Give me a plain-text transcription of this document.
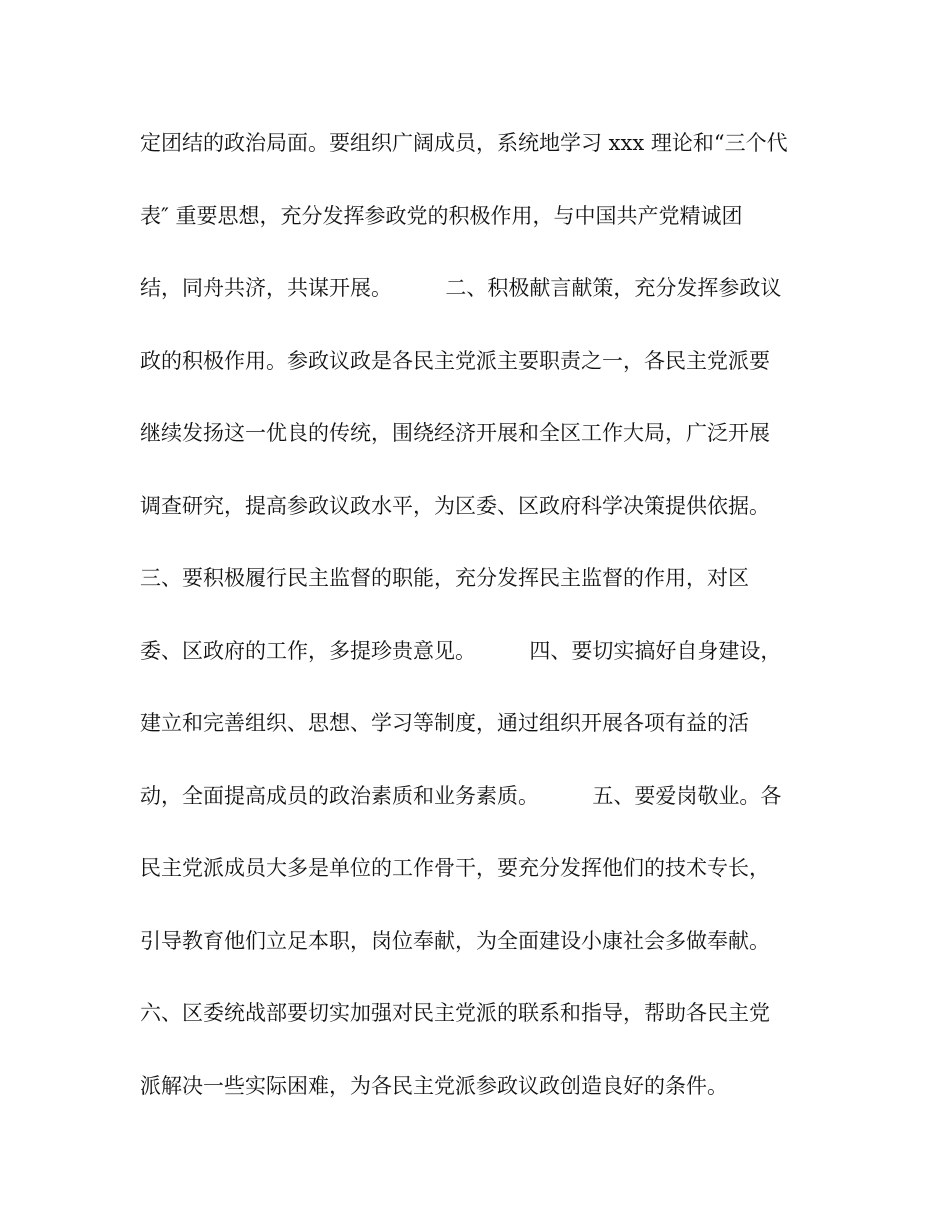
定团结的政治局面。要组织广阔成员，系统地学习 xxx 理论和“三个代
表″ 重要思想，充分发挥参政党的积极作用，与中国共产党精诚团
结，同舟共济，共谋开展。        二、积极献言献策，充分发挥参政议
政的积极作用。参政议政是各民主党派主要职责之一，各民主党派要
继续发扬这一优良的传统，围绕经济开展和全区工作大局，广泛开展
调查研究，提高参政议政水平，为区委、区政府科学决策提供依据。
三、要积极履行民主监督的职能，充分发挥民主监督的作用，对区
委、区政府的工作，多提珍贵意见。        四、要切实搞好自身建设，
建立和完善组织、思想、学习等制度，通过组织开展各项有益的活
动，全面提高成员的政治素质和业务素质。        五、要爱岗敬业。各
民主党派成员大多是单位的工作骨干，要充分发挥他们的技术专长，
引导教育他们立足本职，岗位奉献，为全面建设小康社会多做奉献。
六、区委统战部要切实加强对民主党派的联系和指导，帮助各民主党
派解决一些实际困难，为各民主党派参政议政创造良好的条件。
